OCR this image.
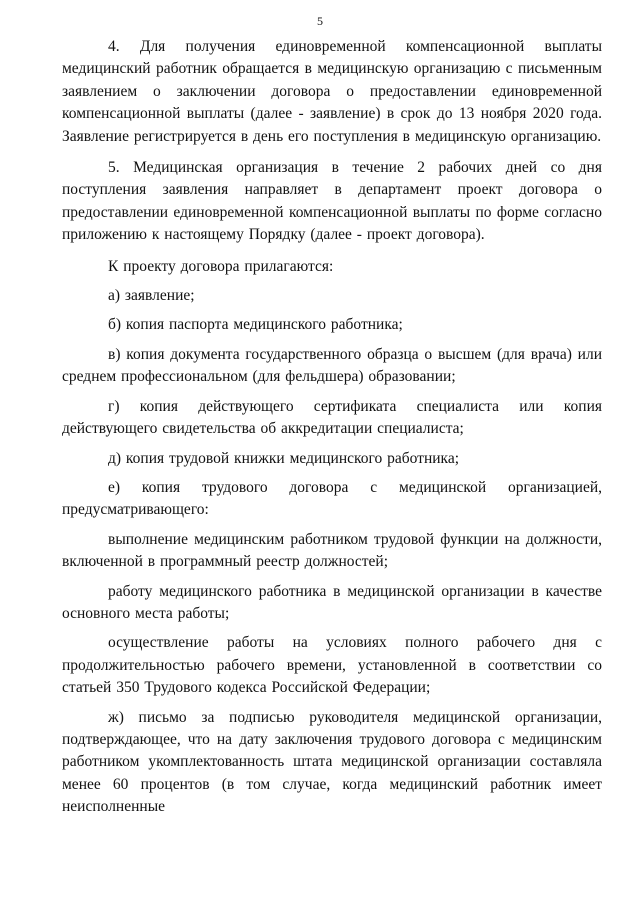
5

4. Для получения единовременной компенсационной выплаты медицинский работник обращается в медицинскую организацию с письменным заявлением о заключении договора о предоставлении единовременной компенсационной выплаты (далее - заявление) в срок до 13 ноября 2020 года. Заявление регистрируется в день его поступления в медицинскую организацию.

5. Медицинская организация в течение 2 рабочих дней со дня поступления заявления направляет в департамент проект договора о предоставлении единовременной компенсационной выплаты по форме согласно приложению к настоящему Порядку (далее - проект договора).

К проекту договора прилагаются:

а) заявление;

б) копия паспорта медицинского работника;

в) копия документа государственного образца о высшем (для врача) или среднем профессиональном (для фельдшера) образовании;

г) копия действующего сертификата специалиста или копия действующего свидетельства об аккредитации специалиста;

д) копия трудовой книжки медицинского работника;

е) копия трудового договора с медицинской организацией, предусматривающего:

выполнение медицинским работником трудовой функции на должности, включенной в программный реестр должностей;

работу медицинского работника в медицинской организации в качестве основного места работы;

осуществление работы на условиях полного рабочего дня с продолжительностью рабочего времени, установленной в соответствии со статьей 350 Трудового кодекса Российской Федерации;

ж) письмо за подписью руководителя медицинской организации, подтверждающее, что на дату заключения трудового договора с медицинским работником укомплектованность штата медицинской организации составляла менее 60 процентов (в том случае, когда медицинский работник имеет неисполненные
